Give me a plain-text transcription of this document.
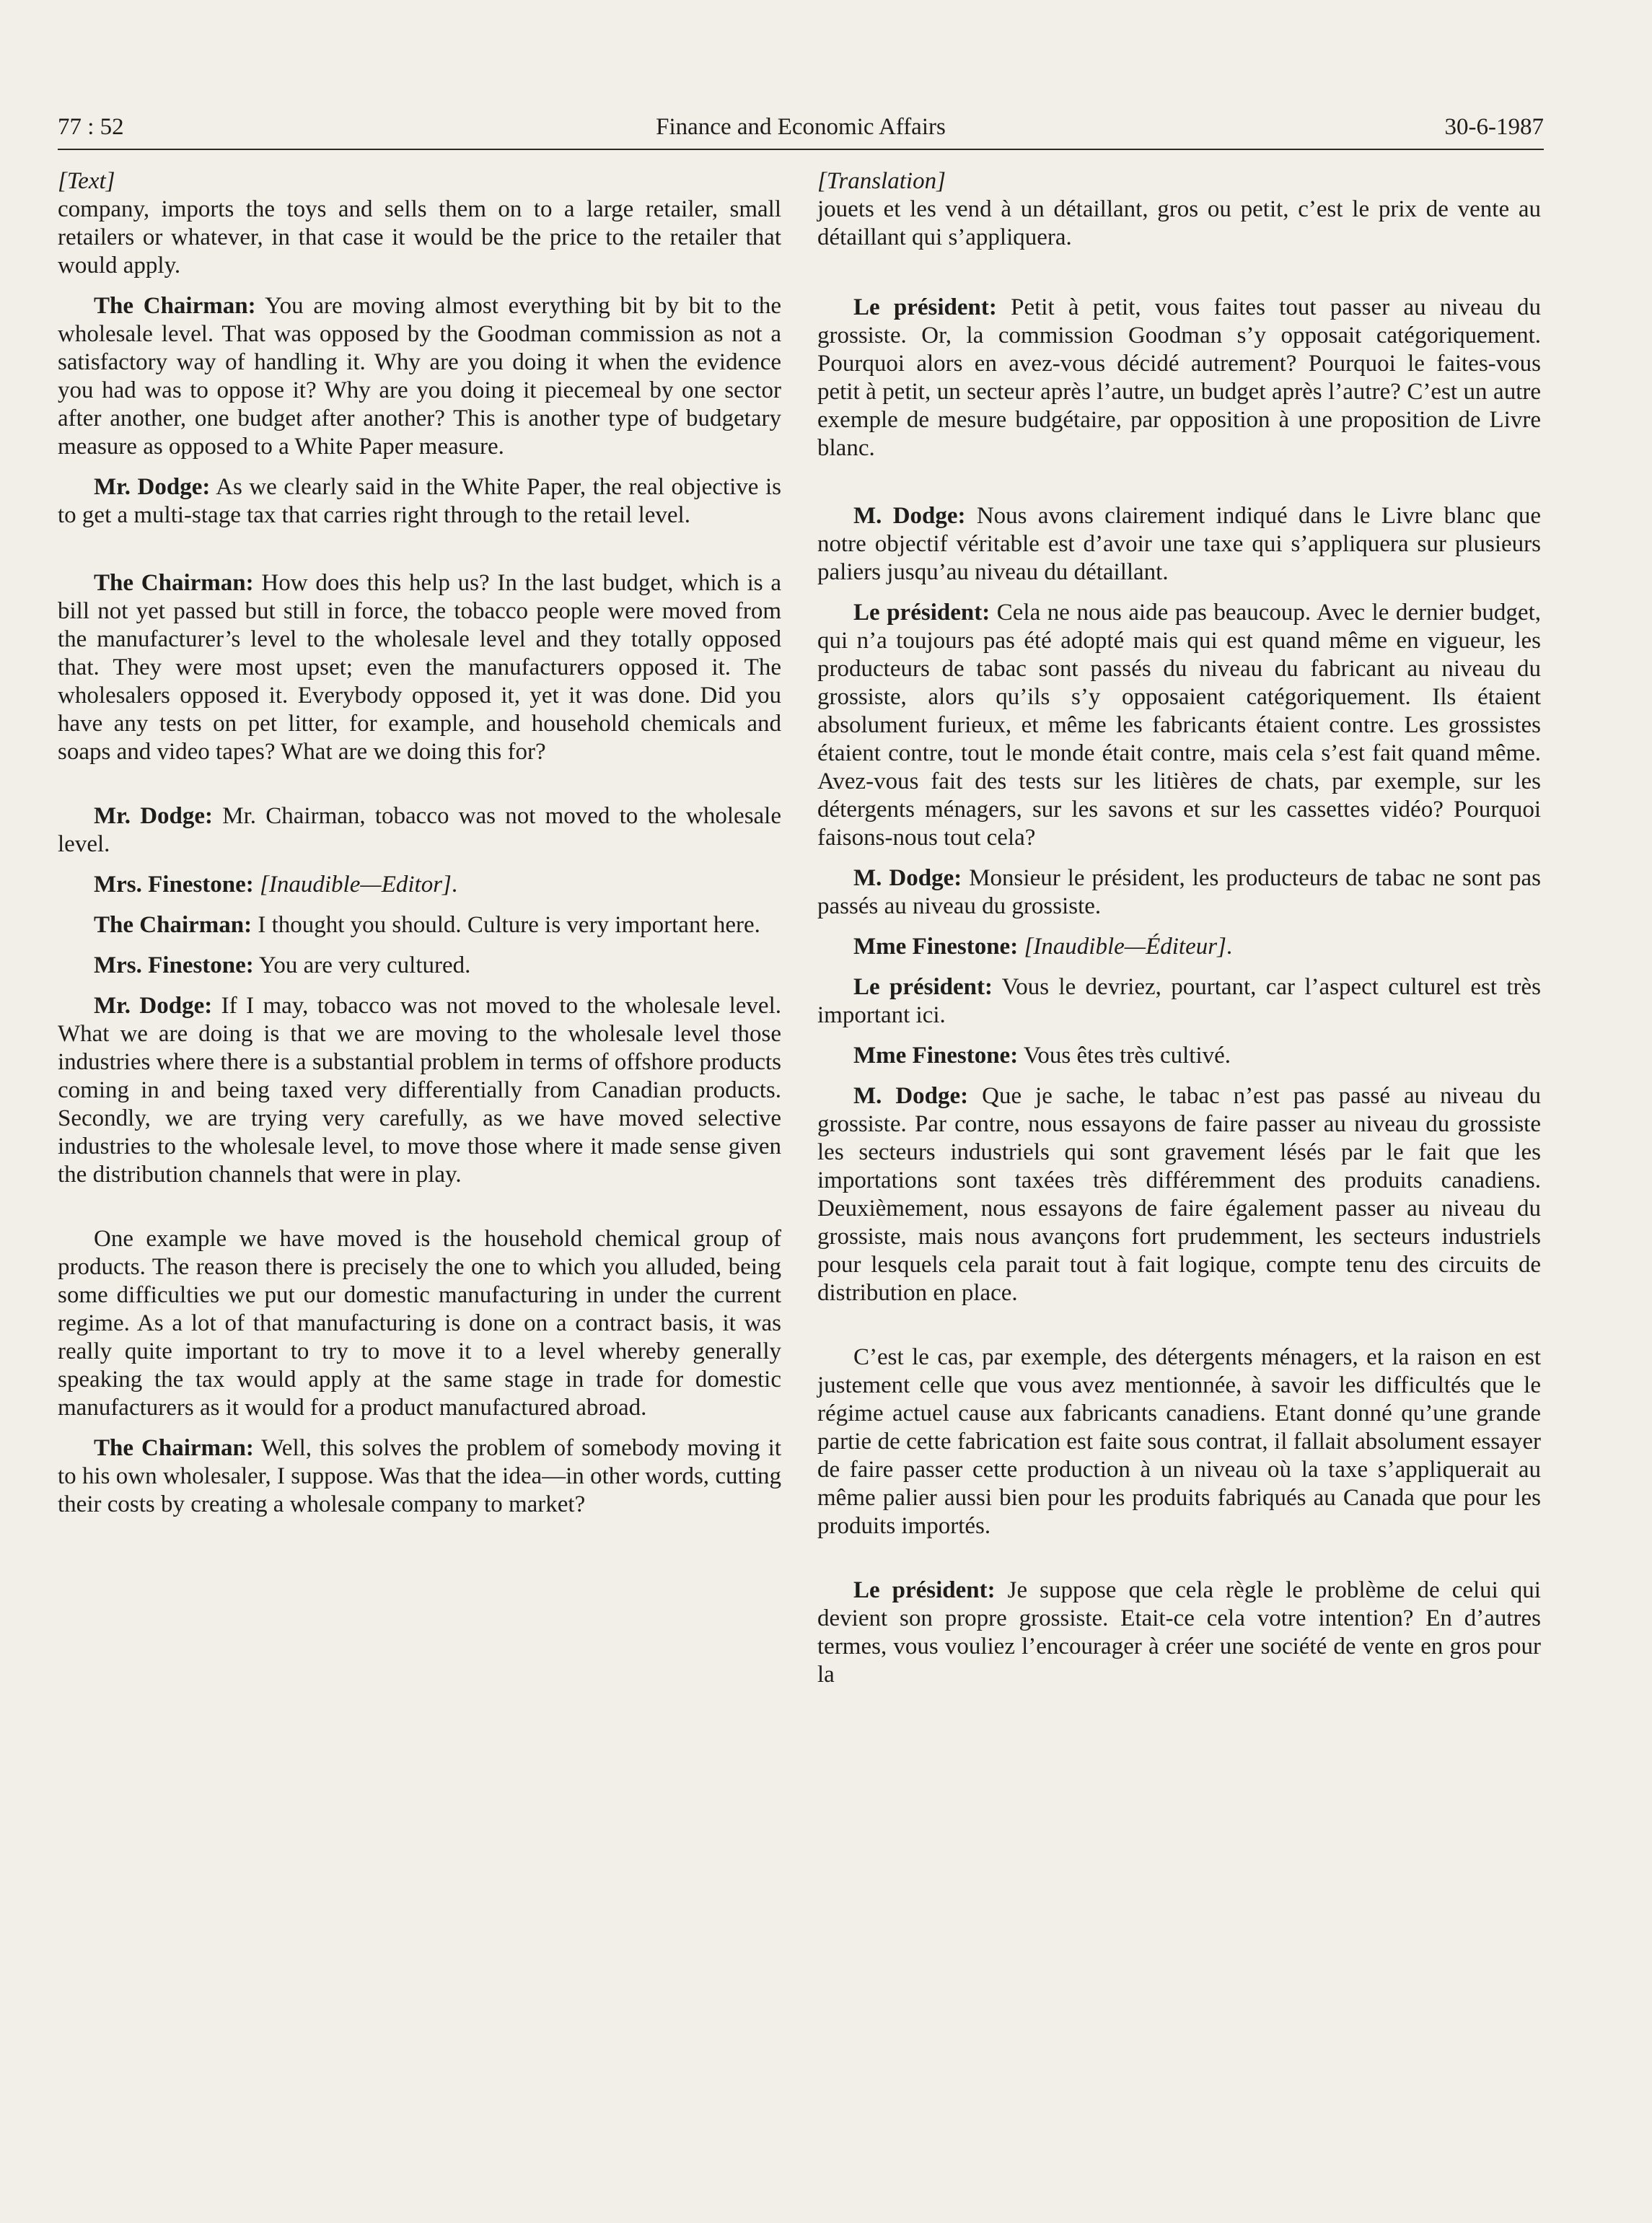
77 : 52	Finance and Economic Affairs	30-6-1987

[Text]

company, imports the toys and sells them on to a large retailer, small retailers or whatever, in that case it would be the price to the retailer that would apply.

The Chairman: You are moving almost everything bit by bit to the wholesale level. That was opposed by the Goodman commission as not a satisfactory way of handling it. Why are you doing it when the evidence you had was to oppose it? Why are you doing it piecemeal by one sector after another, one budget after another? This is another type of budgetary measure as opposed to a White Paper measure.

Mr. Dodge: As we clearly said in the White Paper, the real objective is to get a multi-stage tax that carries right through to the retail level.

The Chairman: How does this help us? In the last budget, which is a bill not yet passed but still in force, the tobacco people were moved from the manufacturer’s level to the wholesale level and they totally opposed that. They were most upset; even the manufacturers opposed it. The wholesalers opposed it. Everybody opposed it, yet it was done. Did you have any tests on pet litter, for example, and household chemicals and soaps and video tapes? What are we doing this for?

Mr. Dodge: Mr. Chairman, tobacco was not moved to the wholesale level.

Mrs. Finestone: [Inaudible—Editor].

The Chairman: I thought you should. Culture is very important here.

Mrs. Finestone: You are very cultured.

Mr. Dodge: If I may, tobacco was not moved to the wholesale level. What we are doing is that we are moving to the wholesale level those industries where there is a substantial problem in terms of offshore products coming in and being taxed very differentially from Canadian products. Secondly, we are trying very carefully, as we have moved selective industries to the wholesale level, to move those where it made sense given the distribution channels that were in play.

One example we have moved is the household chemical group of products. The reason there is precisely the one to which you alluded, being some difficulties we put our domestic manufacturing in under the current regime. As a lot of that manufacturing is done on a contract basis, it was really quite important to try to move it to a level whereby generally speaking the tax would apply at the same stage in trade for domestic manufacturers as it would for a product manufactured abroad.

The Chairman: Well, this solves the problem of somebody moving it to his own wholesaler, I suppose. Was that the idea—in other words, cutting their costs by creating a wholesale company to market?

[Translation]

jouets et les vend à un détaillant, gros ou petit, c’est le prix de vente au détaillant qui s’appliquera.

Le président: Petit à petit, vous faites tout passer au niveau du grossiste. Or, la commission Goodman s’y opposait catégoriquement. Pourquoi alors en avez-vous décidé autrement? Pourquoi le faites-vous petit à petit, un secteur après l’autre, un budget après l’autre? C’est un autre exemple de mesure budgétaire, par opposition à une proposition de Livre blanc.

M. Dodge: Nous avons clairement indiqué dans le Livre blanc que notre objectif véritable est d’avoir une taxe qui s’appliquera sur plusieurs paliers jusqu’au niveau du détaillant.

Le président: Cela ne nous aide pas beaucoup. Avec le dernier budget, qui n’a toujours pas été adopté mais qui est quand même en vigueur, les producteurs de tabac sont passés du niveau du fabricant au niveau du grossiste, alors qu’ils s’y opposaient catégoriquement. Ils étaient absolument furieux, et même les fabricants étaient contre. Les grossistes étaient contre, tout le monde était contre, mais cela s’est fait quand même. Avez-vous fait des tests sur les litières de chats, par exemple, sur les détergents ménagers, sur les savons et sur les cassettes vidéo? Pourquoi faisons-nous tout cela?

M. Dodge: Monsieur le président, les producteurs de tabac ne sont pas passés au niveau du grossiste.

Mme Finestone: [Inaudible—Éditeur].

Le président: Vous le devriez, pourtant, car l’aspect culturel est très important ici.

Mme Finestone: Vous êtes très cultivé.

M. Dodge: Que je sache, le tabac n’est pas passé au niveau du grossiste. Par contre, nous essayons de faire passer au niveau du grossiste les secteurs industriels qui sont gravement lésés par le fait que les importations sont taxées très différemment des produits canadiens. Deuxièmement, nous essayons de faire également passer au niveau du grossiste, mais nous avançons fort prudemment, les secteurs industriels pour lesquels cela parait tout à fait logique, compte tenu des circuits de distribution en place.

C’est le cas, par exemple, des détergents ménagers, et la raison en est justement celle que vous avez mentionnée, à savoir les difficultés que le régime actuel cause aux fabricants canadiens. Etant donné qu’une grande partie de cette fabrication est faite sous contrat, il fallait absolument essayer de faire passer cette production à un niveau où la taxe s’appliquerait au même palier aussi bien pour les produits fabriqués au Canada que pour les produits importés.

Le président: Je suppose que cela règle le problème de celui qui devient son propre grossiste. Etait-ce cela votre intention? En d’autres termes, vous vouliez l’encourager à créer une société de vente en gros pour la
